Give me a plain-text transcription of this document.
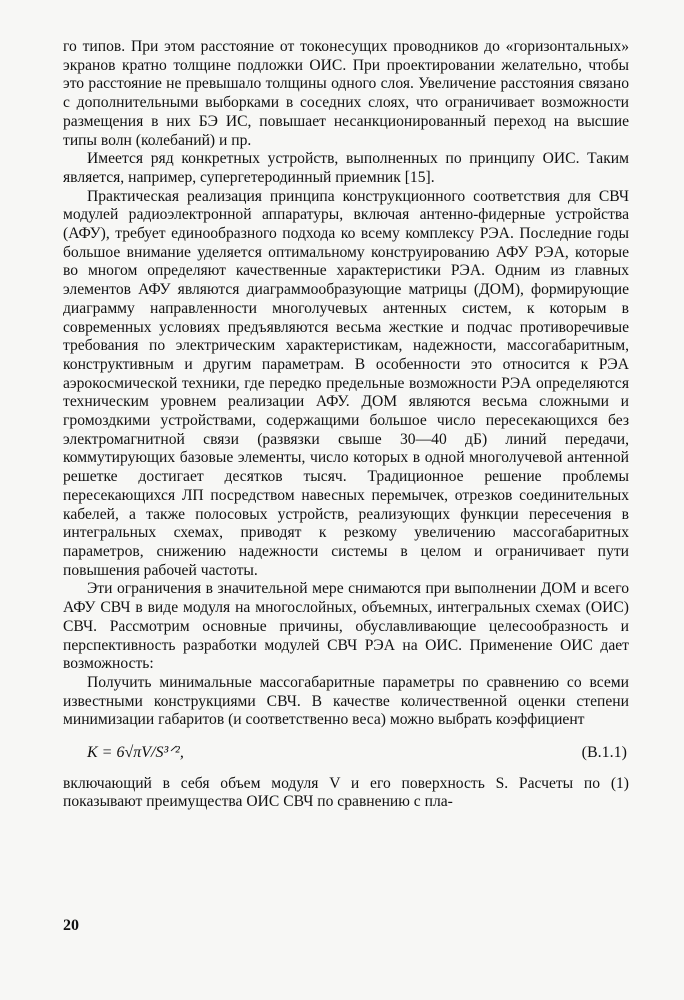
го типов. При этом расстояние от токонесущих проводников до «горизонтальных» экранов кратно толщине подложки ОИС. При проектировании желательно, чтобы это расстояние не превышало толщины одного слоя. Увеличение расстояния связано с дополнительными выборками в соседних слоях, что ограничивает возможности размещения в них БЭ ИС, повышает несанкционированный переход на высшие типы волн (колебаний) и пр.

Имеется ряд конкретных устройств, выполненных по принципу ОИС. Таким является, например, супергетеродинный приемник [15].

Практическая реализация принципа конструкционного соответствия для СВЧ модулей радиоэлектронной аппаратуры, включая антенно-фидерные устройства (АФУ), требует единообразного подхода ко всему комплексу РЭА. Последние годы большое внимание уделяется оптимальному конструированию АФУ РЭА, которые во многом определяют качественные характеристики РЭА. Одним из главных элементов АФУ являются диаграммообразующие матрицы (ДОМ), формирующие диаграмму направленности многолучевых антенных систем, к которым в современных условиях предъявляются весьма жесткие и подчас противоречивые требования по электрическим характеристикам, надежности, массогабаритным, конструктивным и другим параметрам. В особенности это относится к РЭА аэрокосмической техники, где передко предельные возможности РЭА определяются техническим уровнем реализации АФУ. ДОМ являются весьма сложными и громоздкими устройствами, содержащими большое число пересекающихся без электромагнитной связи (развязки свыше 30—40 дБ) линий передачи, коммутирующих базовые элементы, число которых в одной многолучевой антенной решетке достигает десятков тысяч. Традиционное решение проблемы пересекающихся ЛП посредством навесных перемычек, отрезков соединительных кабелей, а также полосовых устройств, реализующих функции пересечения в интегральных схемах, приводят к резкому увеличению массогабаритных параметров, снижению надежности системы в целом и ограничивает пути повышения рабочей частоты.

Эти ограничения в значительной мере снимаются при выполнении ДОМ и всего АФУ СВЧ в виде модуля на многослойных, объемных, интегральных схемах (ОИС) СВЧ. Рассмотрим основные причины, обуславливающие целесообразность и перспективность разработки модулей СВЧ РЭА на ОИС. Применение ОИС дает возможность:

Получить минимальные массогабаритные параметры по сравнению со всеми известными конструкциями СВЧ. В качестве количественной оценки степени минимизации габаритов (и соответственно веса) можно выбрать коэффициент

K = 6√πV/S³ᐟ²,	(В.1.1)

включающий в себя объем модуля V и его поверхность S. Расчеты по (1) показывают преимущества ОИС СВЧ по сравнению с пла-

20
